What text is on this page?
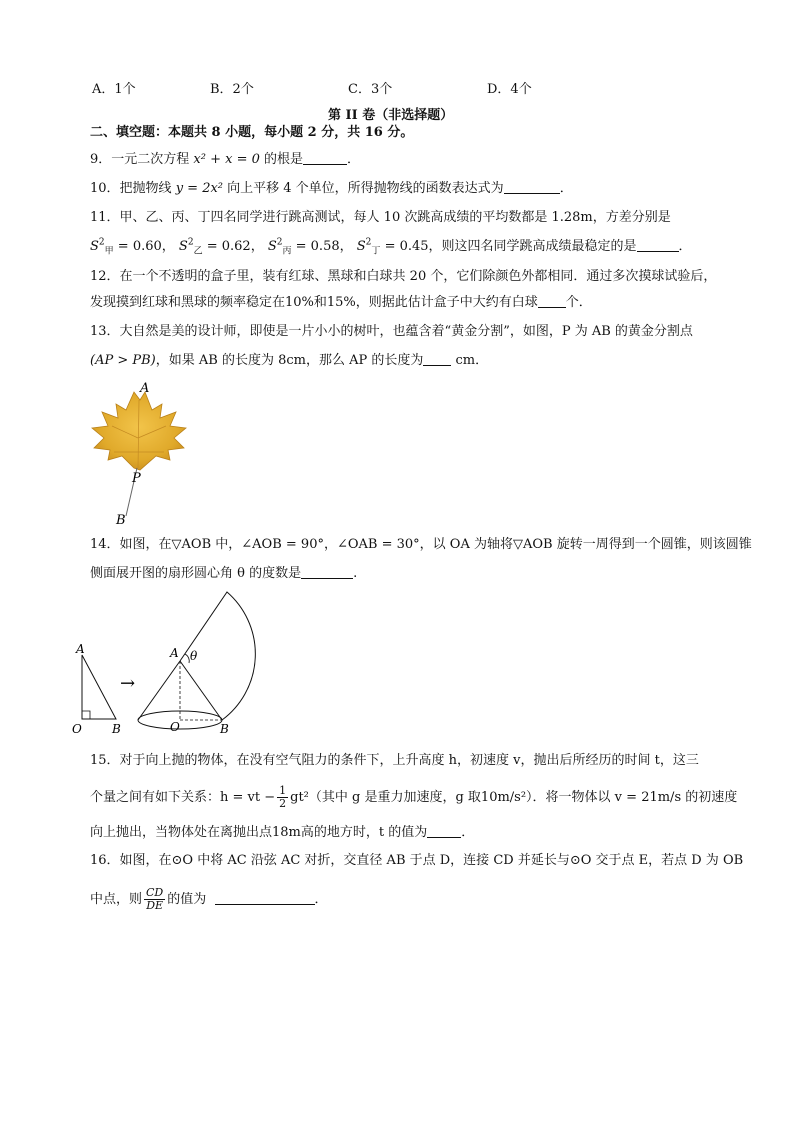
A．1个	B．2个	C．3个	D．4个
第 II 卷（非选择题）
二、填空题：本题共 8 小题，每小题 2 分，共 16 分。
9．一元二次方程 x² + x = 0 的根是	．
10．把抛物线 y = 2x² 向上平移 4 个单位，所得抛物线的函数表达式为	．
11．甲、乙、丙、丁四名同学进行跳高测试，每人 10 次跳高成绩的平均数都是 1.28m，方差分别是
$S^2_甲 = 0.60$， $S^2_乙 = 0.62$， $S^2_丙 = 0.58$， $S^2_丁 = 0.45$，则这四名同学跳高成绩最稳定的是	．
12．在一个不透明的盒子里，装有红球、黑球和白球共 20 个，它们除颜色外都相同．通过多次摸球试验后，
发现摸到红球和黑球的频率稳定在10%和15%，则据此估计盒子中大约有白球 个．
13．大自然是美的设计师，即使是一片小小的树叶，也蕴含着“黄金分割”，如图，P 为 AB 的黄金分割点
(AP > PB)，如果 AB 的长度为 8cm，那么 AP 的长度为 cm．
A
P
B
14．如图，在▽AOB 中，∠AOB = 90°，∠OAB = 30°，以 OA 为轴将▽AOB 旋转一周得到一个圆锥，则该圆锥
侧面展开图的扇形圆心角 θ 的度数是	.
A
O	B
→
A θ
O	B
15．对于向上抛的物体，在没有空气阻力的条件下，上升高度 h，初速度 v，抛出后所经历的时间 t，这三
个量之间有如下关系：h = vt − $\frac{1}{2} gt^2$（其中 g 是重力加速度，g 取10m/s²）．将一物体以 v = 21m/s 的初速度
向上抛出，当物体处在离抛出点18m高的地方时，t 的值为	．
16．如图，在⊙O 中将 AC 沿弦 AC 对折，交直径 AB 于点 D，连接 CD 并延长与⊙O 交于点 E，若点 D 为 OB
中点，则 $\frac{CD}{DE}$ 的值为	．
